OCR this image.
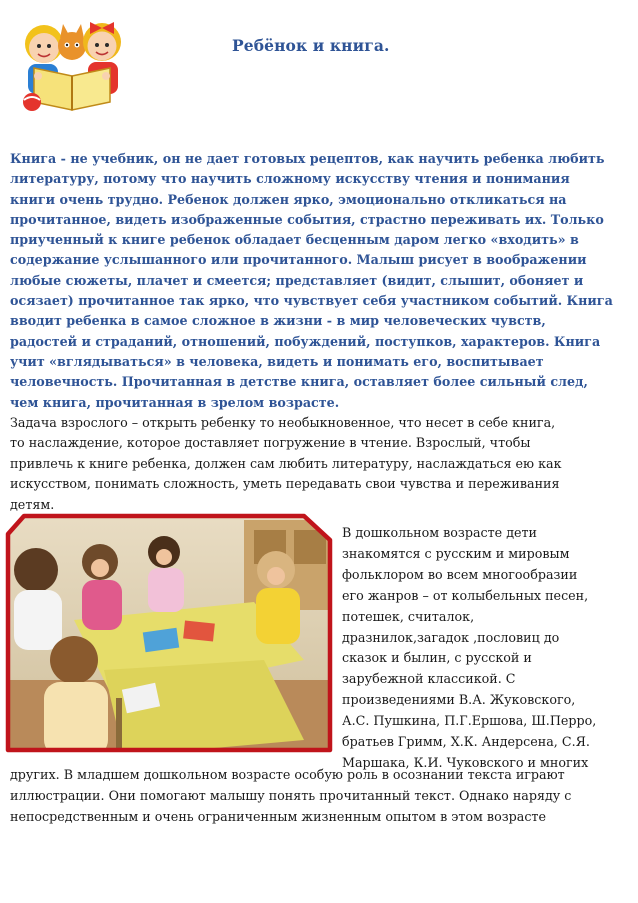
Ребёнок и книга.

Книга - не учебник, он не дает готовых рецептов, как научить ребенка любить
литературу, потому что научить сложному искусству чтения и понимания
книги очень трудно. Ребенок должен ярко, эмоционально откликаться на
прочитанное, видеть изображенные события, страстно переживать их. Только
приученный к книге ребенок обладает бесценным даром легко «входить» в
содержание услышанного или прочитанного. Малыш рисует в воображении
любые сюжеты, плачет и смеется; представляет (видит, слышит, обоняет и
осязает) прочитанное так ярко, что чувствует себя участником событий. Книга
вводит ребенка в самое сложное в жизни - в мир человеческих чувств,
радостей и страданий, отношений, побуждений, поступков, характеров. Книга
учит «вглядываться» в человека, видеть и понимать его, воспитывает
человечность. Прочитанная в детстве книга, оставляет более сильный след,
чем книга, прочитанная в зрелом возрасте.

Задача взрослого – открыть ребенку то необыкновенное, что несет в себе книга,
то наслаждение, которое доставляет погружение в чтение. Взрослый, чтобы
привлечь к книге ребенка, должен сам любить литературу, наслаждаться ею как
искусством, понимать сложность, уметь передавать свои чувства и переживания
детям.

В дошкольном возрасте дети
знакомятся с русским и мировым
фольклором во всем многообразии
его жанров – от колыбельных песен,
потешек, считалок,
дразнилок,загадок ,пословиц до
сказок и былин, с русской и
зарубежной классикой. С
произведениями В.А. Жуковского,
А.С. Пушкина, П.Г.Ершова, Ш.Перро,
братьев Гримм, Х.К. Андерсена, С.Я.
Маршака, К.И. Чуковского и многих

других. В младшем дошкольном возрасте особую роль в осознании текста играют
иллюстрации. Они помогают малышу понять прочитанный текст. Однако наряду с
непосредственным и очень ограниченным жизненным опытом в этом возрасте
